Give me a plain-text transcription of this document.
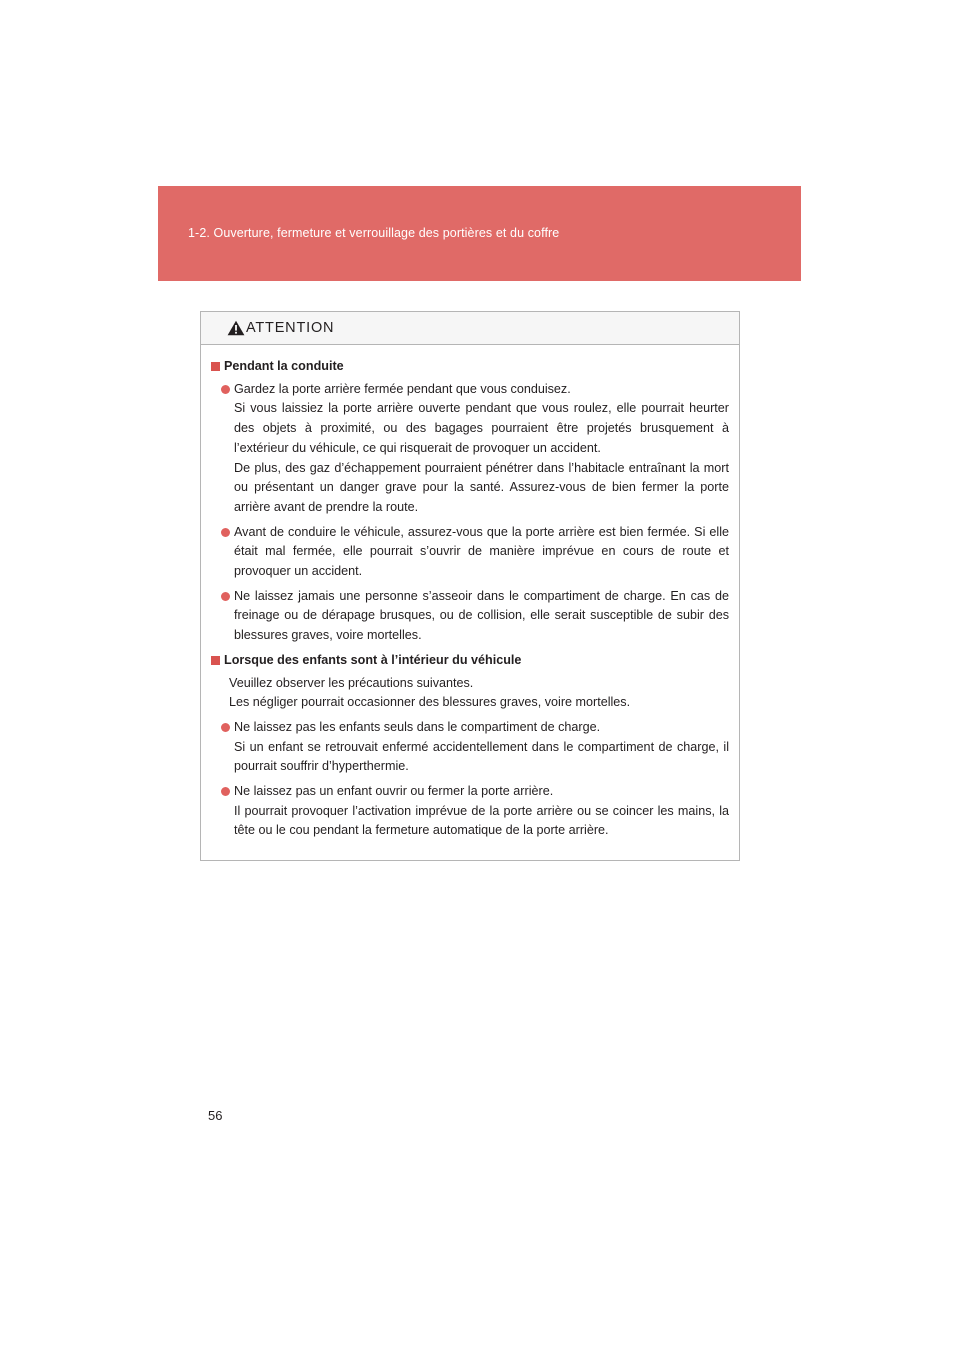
1-2. Ouverture, fermeture et verrouillage des portières et du coffre
ATTENTION
Pendant la conduite

Gardez la porte arrière fermée pendant que vous conduisez.

Si vous laissiez la porte arrière ouverte pendant que vous roulez, elle pourrait heurter des objets à proximité, ou des bagages pourraient être projetés brusquement à l’extérieur du véhicule, ce qui risquerait de provoquer un accident.

De plus, des gaz d’échappement pourraient pénétrer dans l’habitacle entraînant la mort ou présentant un danger grave pour la santé. Assurez-vous de bien fermer la porte arrière avant de prendre la route.

Avant de conduire le véhicule, assurez-vous que la porte arrière est bien fermée. Si elle était mal fermée, elle pourrait s’ouvrir de manière imprévue en cours de route et provoquer un accident.

Ne laissez jamais une personne s’asseoir dans le compartiment de charge. En cas de freinage ou de dérapage brusques, ou de collision, elle serait susceptible de subir des blessures graves, voire mortelles.

Lorsque des enfants sont à l’intérieur du véhicule

Veuillez observer les précautions suivantes.

Les négliger pourrait occasionner des blessures graves, voire mortelles.

Ne laissez pas les enfants seuls dans le compartiment de charge.

Si un enfant se retrouvait enfermé accidentellement dans le compartiment de charge, il pourrait souffrir d’hyperthermie.

Ne laissez pas un enfant ouvrir ou fermer la porte arrière.

Il pourrait provoquer l’activation imprévue de la porte arrière ou se coincer les mains, la tête ou le cou pendant la fermeture automatique de la porte arrière.

56
